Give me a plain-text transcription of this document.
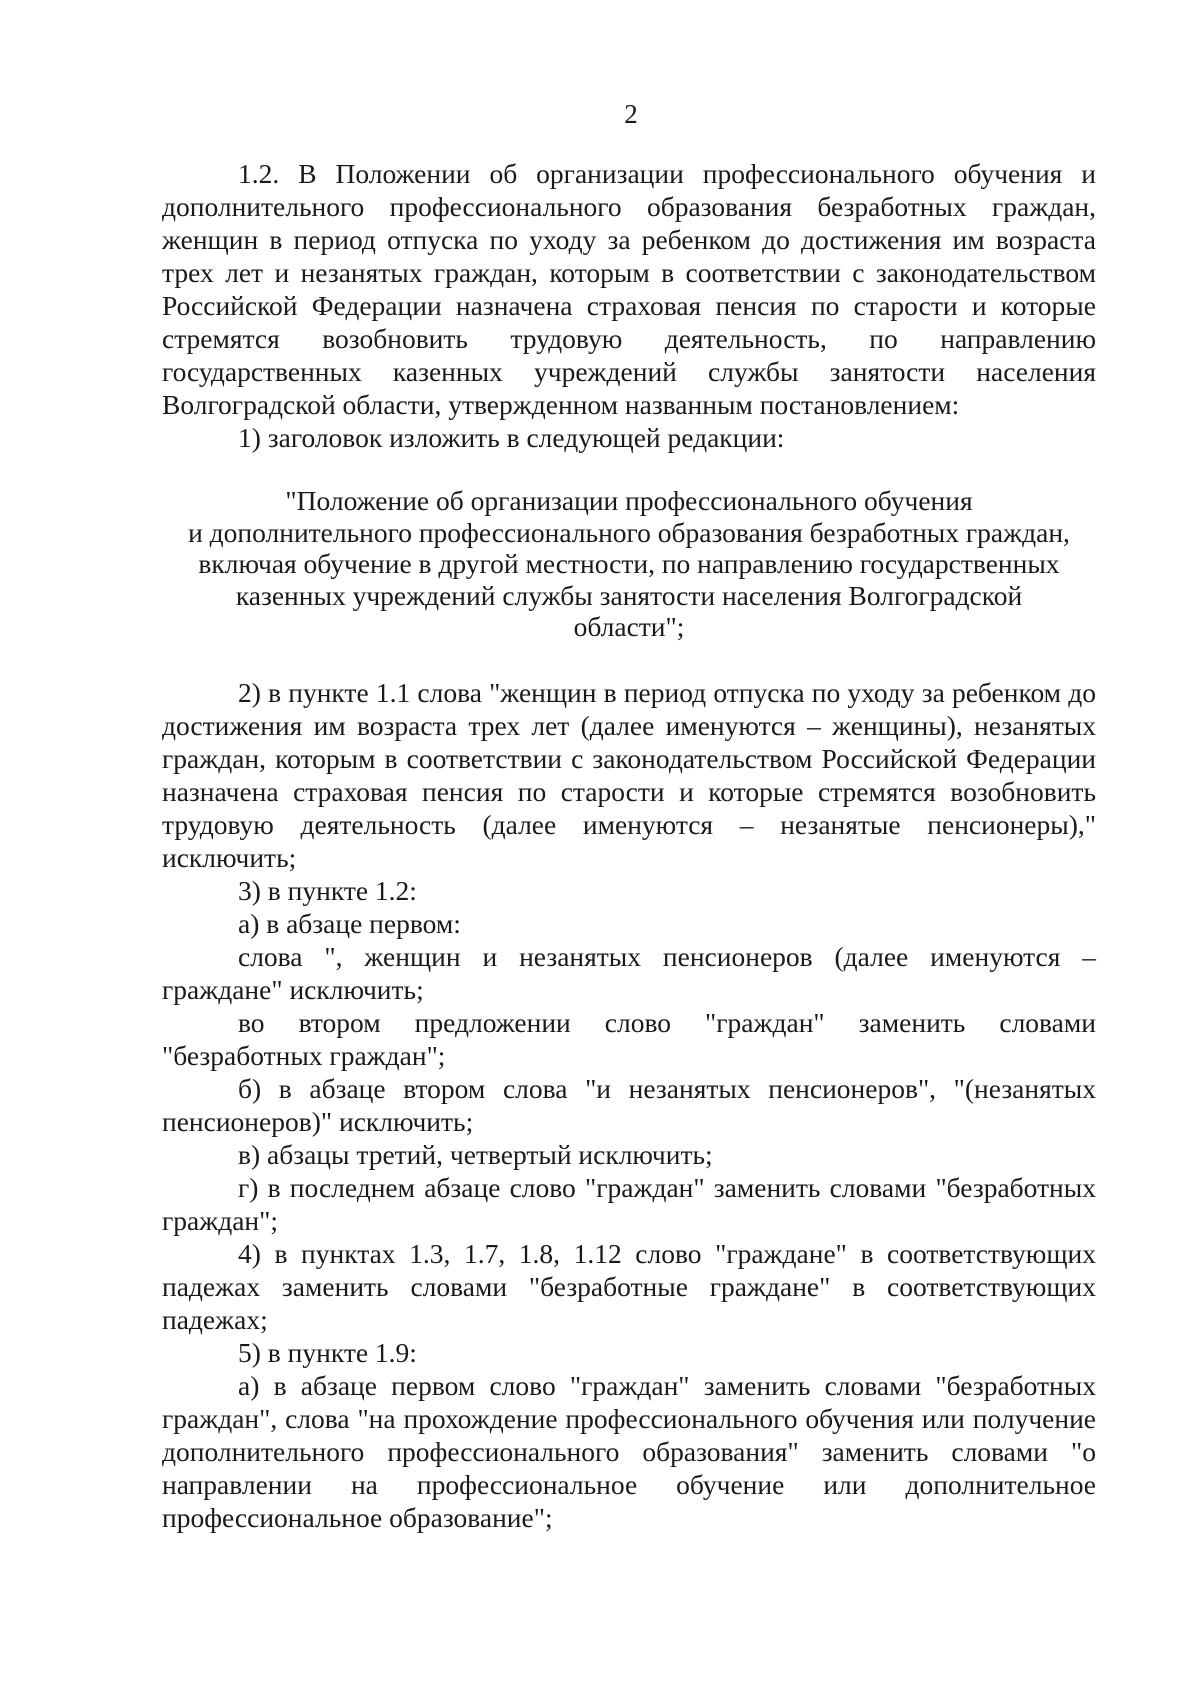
2

1.2. В Положении об организации профессионального обучения и дополнительного профессионального образования безработных граждан, женщин в период отпуска по уходу за ребенком до достижения им возраста трех лет и незанятых граждан, которым в соответствии с законодательством Российской Федерации назначена страховая пенсия по старости и которые стремятся возобновить трудовую деятельность, по направлению государственных казенных учреждений службы занятости населения Волгоградской области, утвержденном названным постановлением:

1) заголовок изложить в следующей редакции:

"Положение об организации профессионального обучения
и дополнительного профессионального образования безработных граждан,
включая обучение в другой местности, по направлению государственных
казенных учреждений службы занятости населения Волгоградской
области";

2) в пункте 1.1 слова "женщин в период отпуска по уходу за ребенком до достижения им возраста трех лет (далее именуются – женщины), незанятых граждан, которым в соответствии с законодательством Российской Федерации назначена страховая пенсия по старости и которые стремятся возобновить трудовую деятельность (далее именуются – незанятые пенсионеры)," исключить;

3) в пункте 1.2:

а) в абзаце первом:

слова ", женщин и незанятых пенсионеров (далее именуются – граждане" исключить;

во втором предложении слово "граждан" заменить словами "безработных граждан";

б) в абзаце втором слова "и незанятых пенсионеров", "(незанятых пенсионеров)" исключить;

в) абзацы третий, четвертый исключить;

г) в последнем абзаце слово "граждан" заменить словами "безработных граждан";

4) в пунктах 1.3, 1.7, 1.8, 1.12 слово "граждане" в соответствующих падежах заменить словами "безработные граждане" в соответствующих падежах;

5) в пункте 1.9:

а) в абзаце первом слово "граждан" заменить словами "безработных граждан", слова "на прохождение профессионального обучения или получение дополнительного профессионального образования" заменить словами "о направлении на профессиональное обучение или дополнительное профессиональное образование";
